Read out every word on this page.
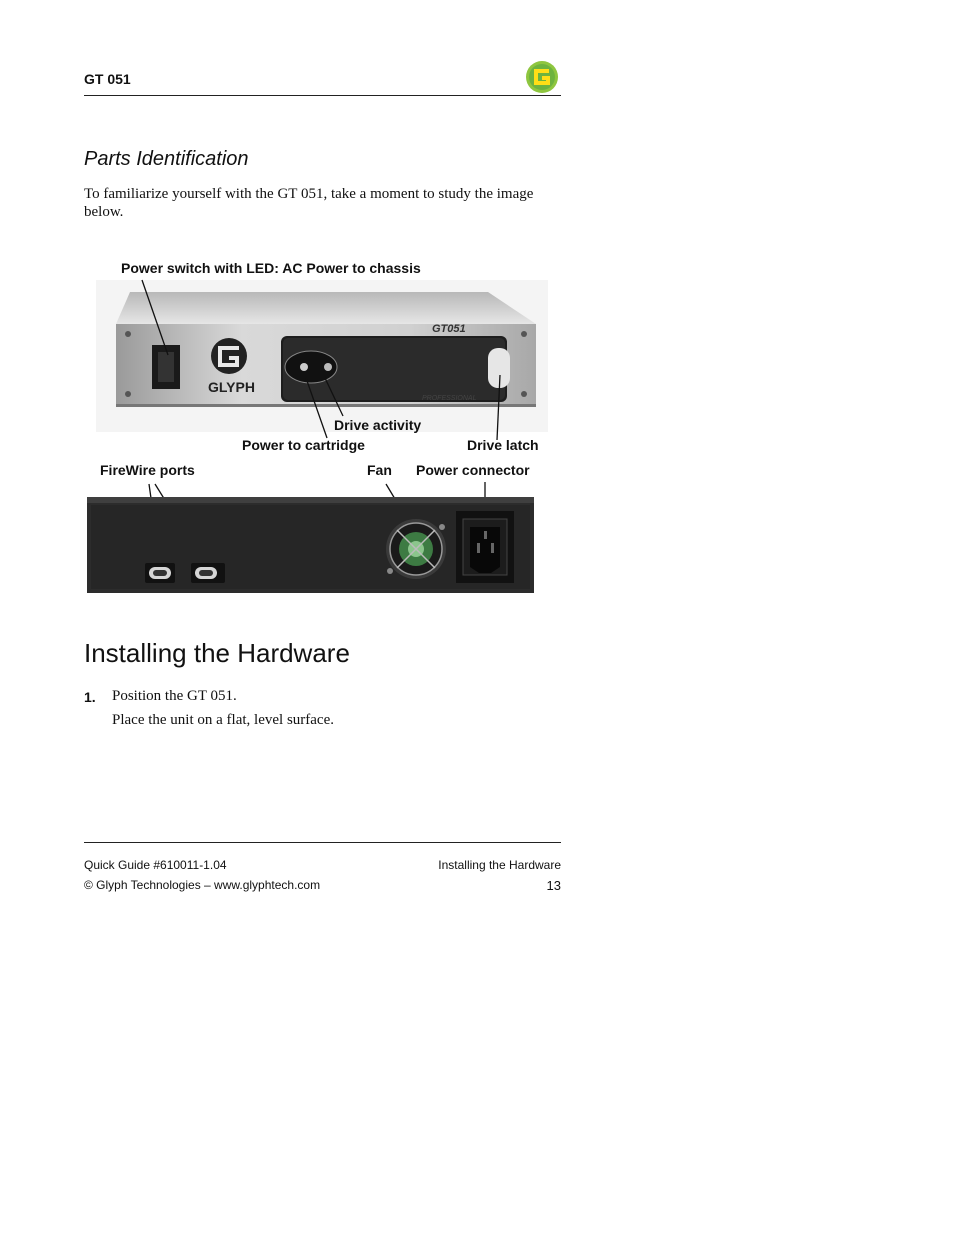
GT 051
Parts Identification
To familiarize yourself with the GT 051, take a moment to study the image below.
GLYPH
GT051
PROFESSIONAL
Power switch with LED: AC Power to chassis
Drive activity
Power to cartridge	Drive latch
FireWire ports	Fan Power connector
Installing the Hardware
1. Position the GT 051.
Place the unit on a flat, level surface.
Quick Guide #610011-1.04
© Glyph Technologies – www.glyphtech.com
Installing the Hardware
13
